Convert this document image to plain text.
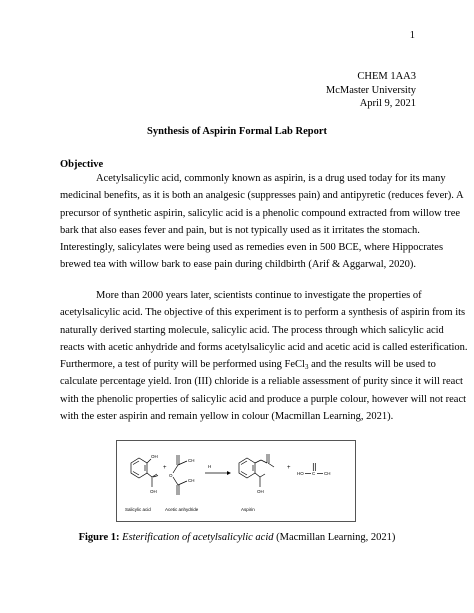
1
CHEM 1AA3
McMaster University
April 9, 2021
Synthesis of Aspirin Formal Lab Report
Objective

Acetylsalicylic acid, commonly known as aspirin, is a drug used today for its many
medicinal benefits, as it is both an analgesic (suppresses pain) and antipyretic (reduces fever). A
precursor of synthetic aspirin, salicylic acid is a phenolic compound extracted from willow tree
bark that also eases fever and pain, but is not typically used as it irritates the stomach.
Interestingly, salicylates were being used as remedies even in 500 BCE, where Hippocrates
brewed tea with willow bark to ease pain during childbirth (Arif & Aggarwal, 2020).

More than 2000 years later, scientists continue to investigate the properties of
acetylsalicylic acid. The objective of this experiment is to perform a synthesis of aspirin from its
naturally derived starting molecule, salicylic acid. The process through which salicylic acid
reacts with acetic anhydride and forms acetylsalicylic acid and acetic acid is called esterification.
Furthermore, a test of purity will be performed using FeCl$_3$ and the results will be used to
calculate percentage yield. Iron (III) chloride is a reliable assessment of purity since it will react
with the phenolic properties of salicylic acid and produce a purple colour, however will not react
with the ester aspirin and remain yellow in colour (Macmillan Learning, 2021).

OH
OH
Salicylic acid
+
CH
O
CH
Acetic anhydride
H
OH
Aspirin
+
HO C CH
Figure 1: Esterification of acetylsalicylic acid (Macmillan Learning, 2021)
